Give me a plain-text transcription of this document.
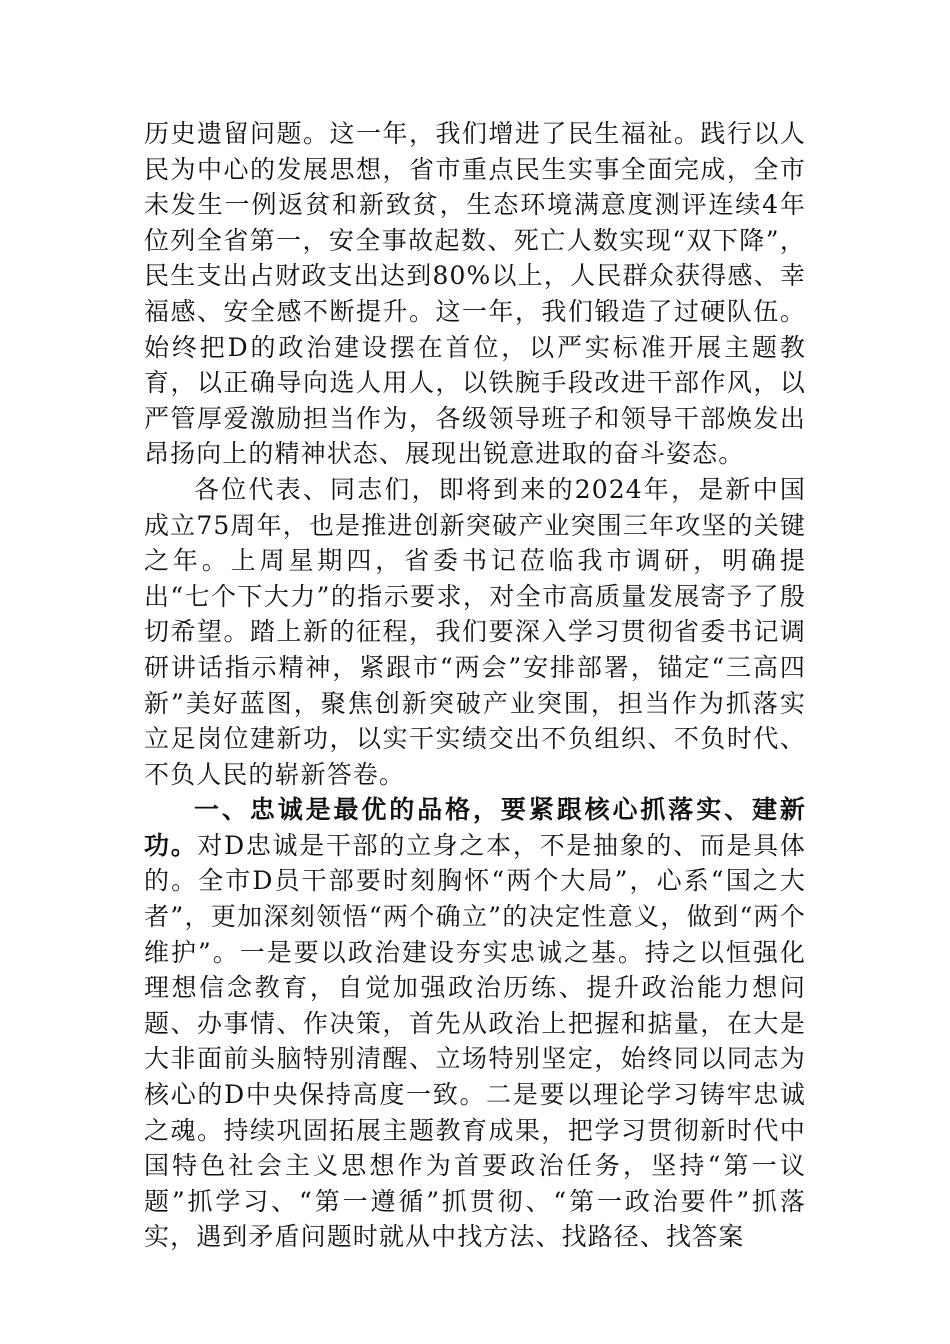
历史遗留问题。这一年，我们增进了民生福祉。践行以人民为中心的发展思想，省市重点民生实事全面完成，全市未发生一例返贫和新致贫，生态环境满意度测评连续4年位列全省第一，安全事故起数、死亡人数实现“双下降”，民生支出占财政支出达到80%以上，人民群众获得感、幸福感、安全感不断提升。这一年，我们锻造了过硬队伍。始终把D的政治建设摆在首位，以严实标准开展主题教育，以正确导向选人用人，以铁腕手段改进干部作风，以严管厚爱激励担当作为，各级领导班子和领导干部焕发出昂扬向上的精神状态、展现出锐意进取的奋斗姿态。

各位代表、同志们，即将到来的2024年，是新中国成立75周年，也是推进创新突破产业突围三年攻坚的关键之年。上周星期四，省委书记莅临我市调研，明确提出“七个下大力”的指示要求，对全市高质量发展寄予了殷切希望。踏上新的征程，我们要深入学习贯彻省委书记调研讲话指示精神，紧跟市“两会”安排部署，锚定“三高四新”美好蓝图，聚焦创新突破产业突围，担当作为抓落实立足岗位建新功，以实干实绩交出不负组织、不负时代、不负人民的崭新答卷。

一、忠诚是最优的品格，要紧跟核心抓落实、建新功。对D忠诚是干部的立身之本，不是抽象的、而是具体的。全市D员干部要时刻胸怀“两个大局”，心系“国之大者”，更加深刻领悟“两个确立”的决定性意义，做到“两个维护”。一是要以政治建设夯实忠诚之基。持之以恒强化理想信念教育，自觉加强政治历练、提升政治能力想问题、办事情、作决策，首先从政治上把握和掂量，在大是大非面前头脑特别清醒、立场特别坚定，始终同以同志为核心的D中央保持高度一致。二是要以理论学习铸牢忠诚之魂。持续巩固拓展主题教育成果，把学习贯彻新时代中国特色社会主义思想作为首要政治任务，坚持“第一议题”抓学习、“第一遵循”抓贯彻、“第一政治要件”抓落实，遇到矛盾问题时就从中找方法、找路径、找答案
